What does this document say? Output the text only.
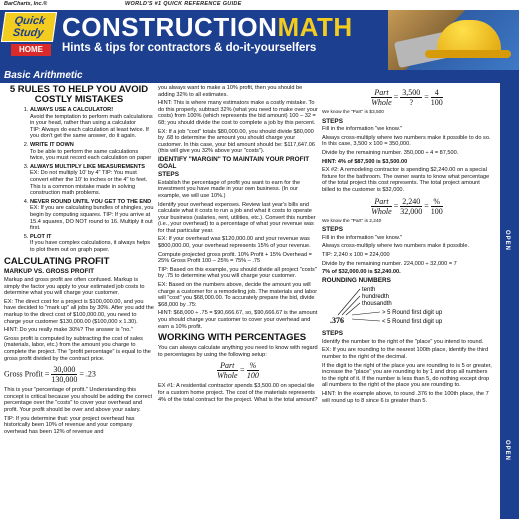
BarCharts, Inc.®	WORLD'S #1 QUICK REFERENCE GUIDE
Quick
Study
HOME
CONSTRUCTIONMATH
Hints & tips for contractors & do-it-yourselfers
Basic Arithmetic
OPEN
OPEN
5 RULES TO HELP YOU AVOID COSTLY MISTAKES
1. ALWAYS USE A CALCULATOR!
Avoid the temptation to perform math calculations in your head, rather than using a calculator
TIP: Always do each calculation at least twice. If you don't get the same answer, do it again.
2. WRITE IT DOWN
To be able to perform the same calculations twice, you must record each calculation on paper
3. ALWAYS MULTIPLY LIKE MEASUREMENTS
EX: Do not multiply 10' by 4" TIP: You must convert either the 10' to inches or the 4" to feet. This is a common mistake made in solving construction math problems.
4. NEVER ROUND UNTIL YOU GET TO THE END
EX: If you are calculating bundles of shingles, you begin by computing squares. TIP: If you arrive at 15.4 squares, DO NOT round to 16. Multiply it out first.
5. PLOT IT
If you have complex calculations, it always helps to plot them out on graph paper.
CALCULATING PROFIT
MARKUP VS. GROSS PROFIT

Markup and gross profit are often confused. Markup is simply the factor you apply to your estimated job costs to determine what you will charge your customer.

EX: The direct cost for a project is $100,000.00, and you have decided to "mark up" all jobs by 30%. After you add the markup to the direct cost of $100,000.00, you need to charge your customer $130,000.00 ($100,000 x 1.30).

HINT: Do you really make 30%? The answer is "no."

Gross profit is computed by subtracting the cost of sales (materials, labor, etc.) from the amount you charge to complete the project. The "profit percentage" is equal to the gross profit divided by the contract price.

Gross Profit = $\frac{30,000}{130,000} = .23$

This is your "percentage of profit." Understanding this concept is critical because you should be adding the correct percentage over the "costs" to cover your overhead and profit. Your profit should be over and above your salary.

TIP: If you determine that: your project overhead has historically been 10% of revenue and your company overhead has been 12% of revenue and

you always want to make a 10% profit, then you should be adding 32% to all estimates.

HINT: This is where many estimators make a costly mistake. To do this properly, subtract 32% (what you need to make over your costs) from 100% (which represents the bid amount) 100 – 32 = 68; you should divide the cost to complete a job by this percent.

EX: If a job "cost" totals $80,000.00, you should divide $80,000 by .68 to determine the amount you should charge your customer. In this case, your bid amount should be: $117,647.06 (this will give you 32% above your "costs").

IDENTIFY "MARGIN" TO MAINTAIN YOUR PROFIT GOAL
STEPS

Establish the percentage of profit you want to earn for the investment you have made in your own business. (In our example, we will use 10%.)

Identify your overhead expenses. Review last year's bills and calculate what it costs to run a job and what it costs to operate your business (salaries, rent, utilities, etc.). Convert this number (i.e., your overhead) to a percentage of what your revenue was for that particular year.

EX: If your overhead was $120,000.00 and your revenue was $800,000.00, your overhead represents 15% of your revenue.

Compute projected gross profit. 10% Profit + 15% Overhead = 25% Gross Profit 100 – 25% = 75% – .75

TIP: Based on this example, you should divide all project "costs" by .75 to determine what you will charge your customer.

EX: Based on the numbers above, decide the amount you will charge a customer for a remodeling job. The materials and labor will "cost" you $68,000.00. To accurately prepare the bid, divide $68,000 by .75:

HINT: $68,000 ÷ .75 = $90,666.67, so, $90,666.67 is the amount you should charge your customer to cover your overhead and earn a 10% profit.

WORKING WITH PERCENTAGES

You can always calculate anything you need to know with regard to percentages by using the following setup:

$\frac{\text{Part}}{\text{Whole}} = \frac{\%}{100}$

EX #1: A residential contractor spends $3,500.00 on special tile for a custom home project. The cost of the materials represents 4% of the total contract for the project. What is the total amount?

$\frac{\text{Part}}{\text{Whole}} = \frac{3,500}{?} = \frac{4}{100}$

We know the "Part" is $3,500

STEPS

Fill in the information "we know."

Always cross-multiply where two numbers make it possible to do so. In this case, 3,500 x 100 = 350,000.

Divide by the remaining number. 350,000 ÷ 4 = 87,500.

HINT: 4% of $87,500 is $3,500.00

EX #2: A remodeling contractor is spending $2,240.00 on a special fixture for the bathroom. The owner wants to know what percentage of the total project this cost represents. The total project amount billed to the customer is $32,000.

$\frac{\text{Part}}{\text{Whole}} = \frac{2,240}{32,000} = \frac{\%}{100}$

We know the "Part" is 2,240

STEPS

Fill in the information "we know."

Always cross-multiply where two numbers make it possible.

TIP: 2,240 x 100 = 224,000

Divide by the remaining number. 224,000 ÷ 32,000 = 7

7% of $32,000.00 is $2,240.00.

ROUNDING NUMBERS
tenth
hundredth
thousandth
.376
> 5 Round first digit up
< 5 Round first digit up
STEPS

Identify the number to the right of the "place" you intend to round.

EX: If you are rounding to the nearest 100th place, identify the third number to the right of the decimal.

If the digit to the right of the place you are rounding to is 5 or greater, increase the "place" you are rounding to by 1 and drop all numbers to the right of it. If the number is less than 5, do nothing except drop all numbers to the right of the place you are rounding to.

HINT: In the example above, to round .376 to the 100th place, the 7 will round up to 8 since 6 is greater than 5.
